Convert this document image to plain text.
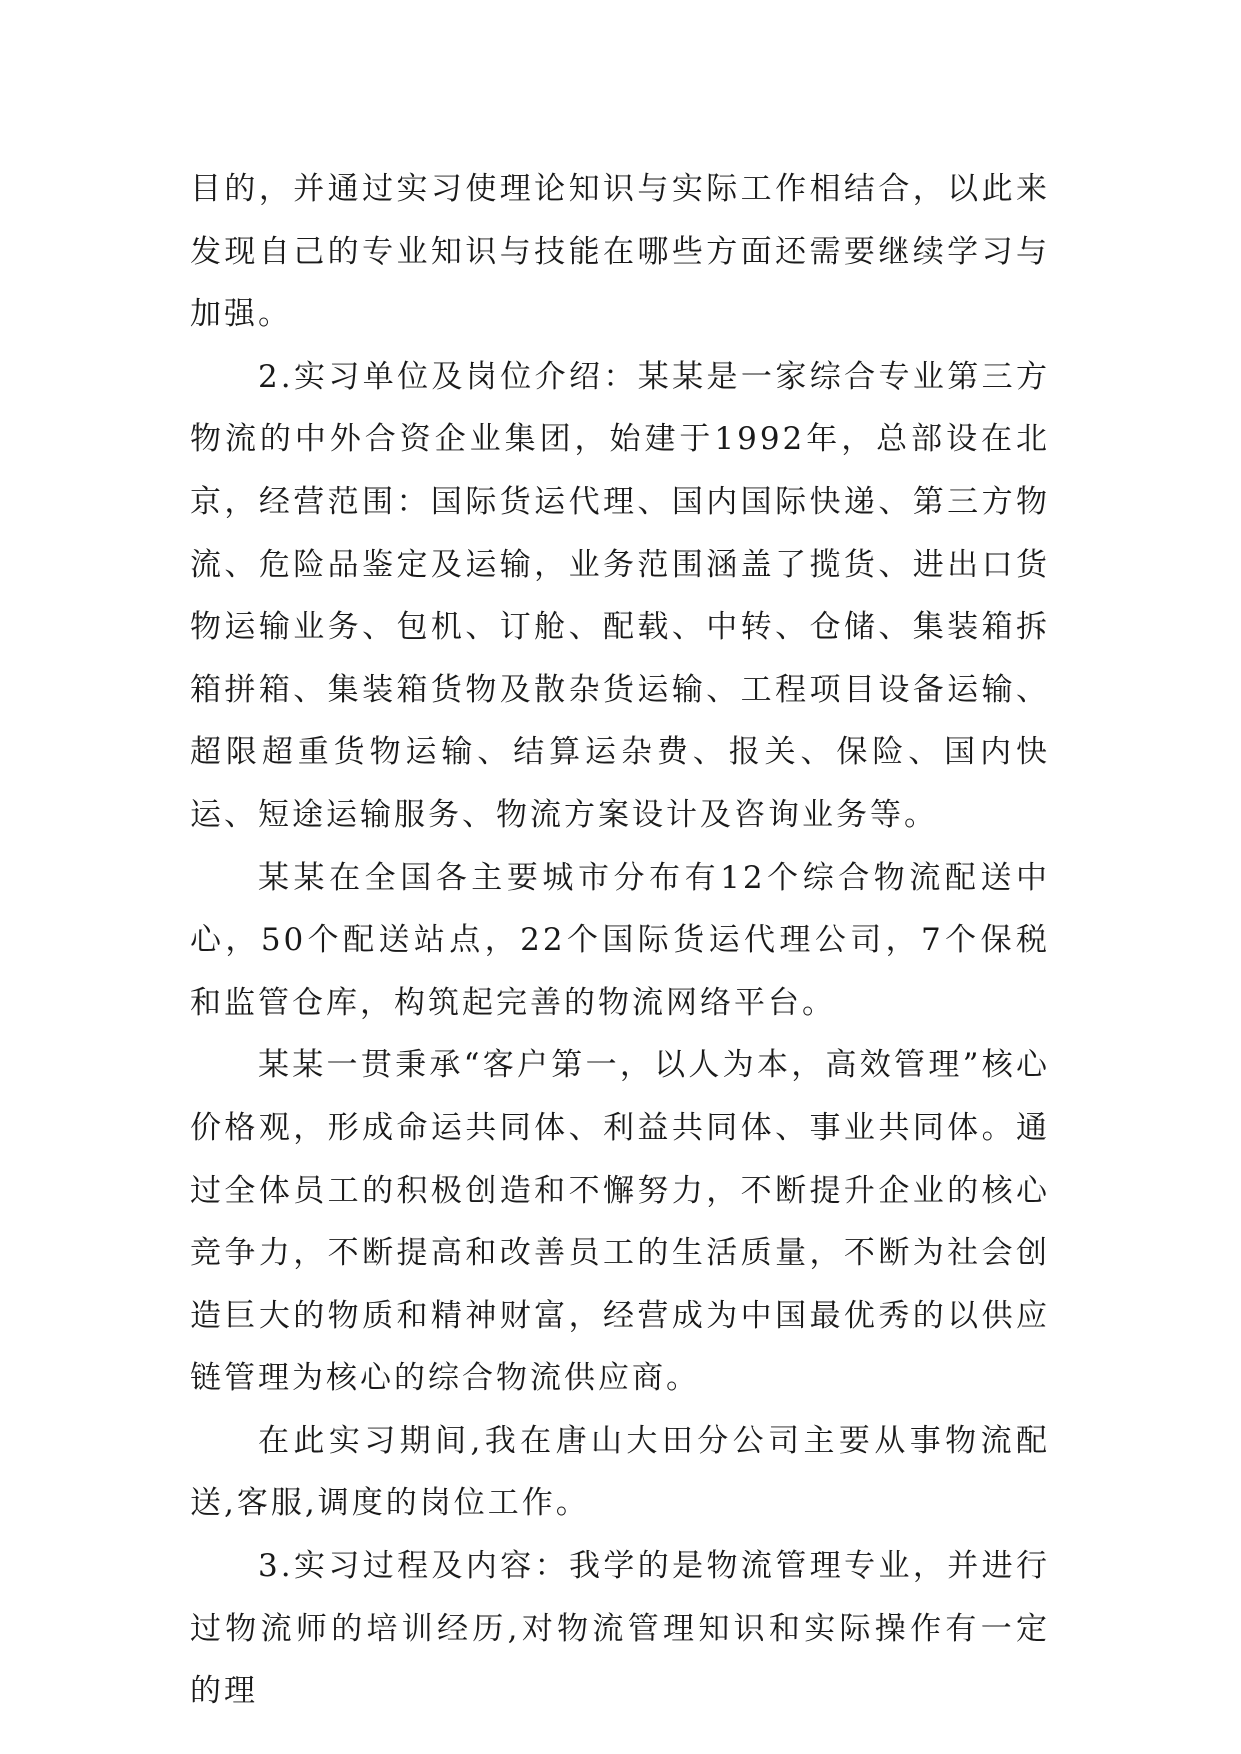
目的，并通过实习使理论知识与实际工作相结合，以此来发现自己的专业知识与技能在哪些方面还需要继续学习与加强。

2.实习单位及岗位介绍：某某是一家综合专业第三方物流的中外合资企业集团，始建于1992年，总部设在北京，经营范围：国际货运代理、国内国际快递、第三方物流、危险品鉴定及运输，业务范围涵盖了揽货、进出口货物运输业务、包机、订舱、配载、中转、仓储、集装箱拆箱拼箱、集装箱货物及散杂货运输、工程项目设备运输、超限超重货物运输、结算运杂费、报关、保险、国内快运、短途运输服务、物流方案设计及咨询业务等。

某某在全国各主要城市分布有12个综合物流配送中心，50个配送站点，22个国际货运代理公司，7个保税和监管仓库，构筑起完善的物流网络平台。

某某一贯秉承“客户第一，以人为本，高效管理”核心价格观，形成命运共同体、利益共同体、事业共同体。通过全体员工的积极创造和不懈努力，不断提升企业的核心竞争力，不断提高和改善员工的生活质量，不断为社会创造巨大的物质和精神财富，经营成为中国最优秀的以供应链管理为核心的综合物流供应商。

在此实习期间,我在唐山大田分公司主要从事物流配送,客服,调度的岗位工作。

3.实习过程及内容：我学的是物流管理专业，并进行过物流师的培训经历,对物流管理知识和实际操作有一定的理
